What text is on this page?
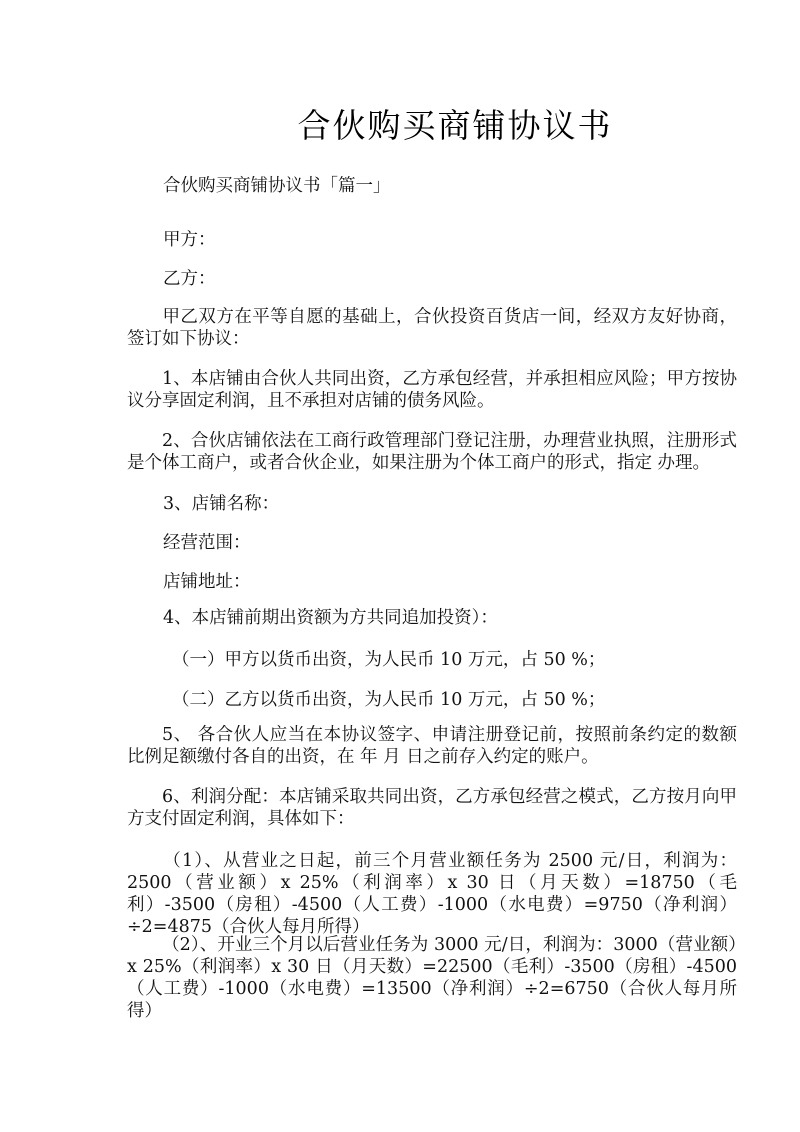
合伙购买商铺协议书
合伙购买商铺协议书「篇一」
甲方：
乙方：
甲乙双方在平等自愿的基础上，合伙投资百货店一间，经双方友好协商，签订如下协议：
1、本店铺由合伙人共同出资，乙方承包经营，并承担相应风险；甲方按协议分享固定利润，且不承担对店铺的债务风险。
2、合伙店铺依法在工商行政管理部门登记注册，办理营业执照，注册形式是个体工商户，或者合伙企业，如果注册为个体工商户的形式，指定 办理。
3、店铺名称：
经营范围：
店铺地址：
4、本店铺前期出资额为方共同追加投资）：
（一）甲方以货币出资，为人民币 10 万元，占 50 %；
（二）乙方以货币出资，为人民币 10 万元，占 50 %；
5、 各合伙人应当在本协议签字、申请注册登记前，按照前条约定的数额比例足额缴付各自的出资，在 年 月 日之前存入约定的账户。
6、利润分配：本店铺采取共同出资，乙方承包经营之模式，乙方按月向甲方支付固定利润，具体如下：
（1）、从营业之日起，前三个月营业额任务为 2500 元/日，利润为：2500（营业额）x 25%（利润率）x 30 日（月天数）=18750（毛利）-3500（房租）-4500（人工费）-1000（水电费）=9750（净利润）÷2=4875（合伙人每月所得）
（2）、开业三个月以后营业任务为 3000 元/日，利润为：3000（营业额）x 25%（利润率）x 30 日（月天数）=22500（毛利）-3500（房租）-4500（人工费）-1000（水电费）=13500（净利润）÷2=6750（合伙人每月所得）
